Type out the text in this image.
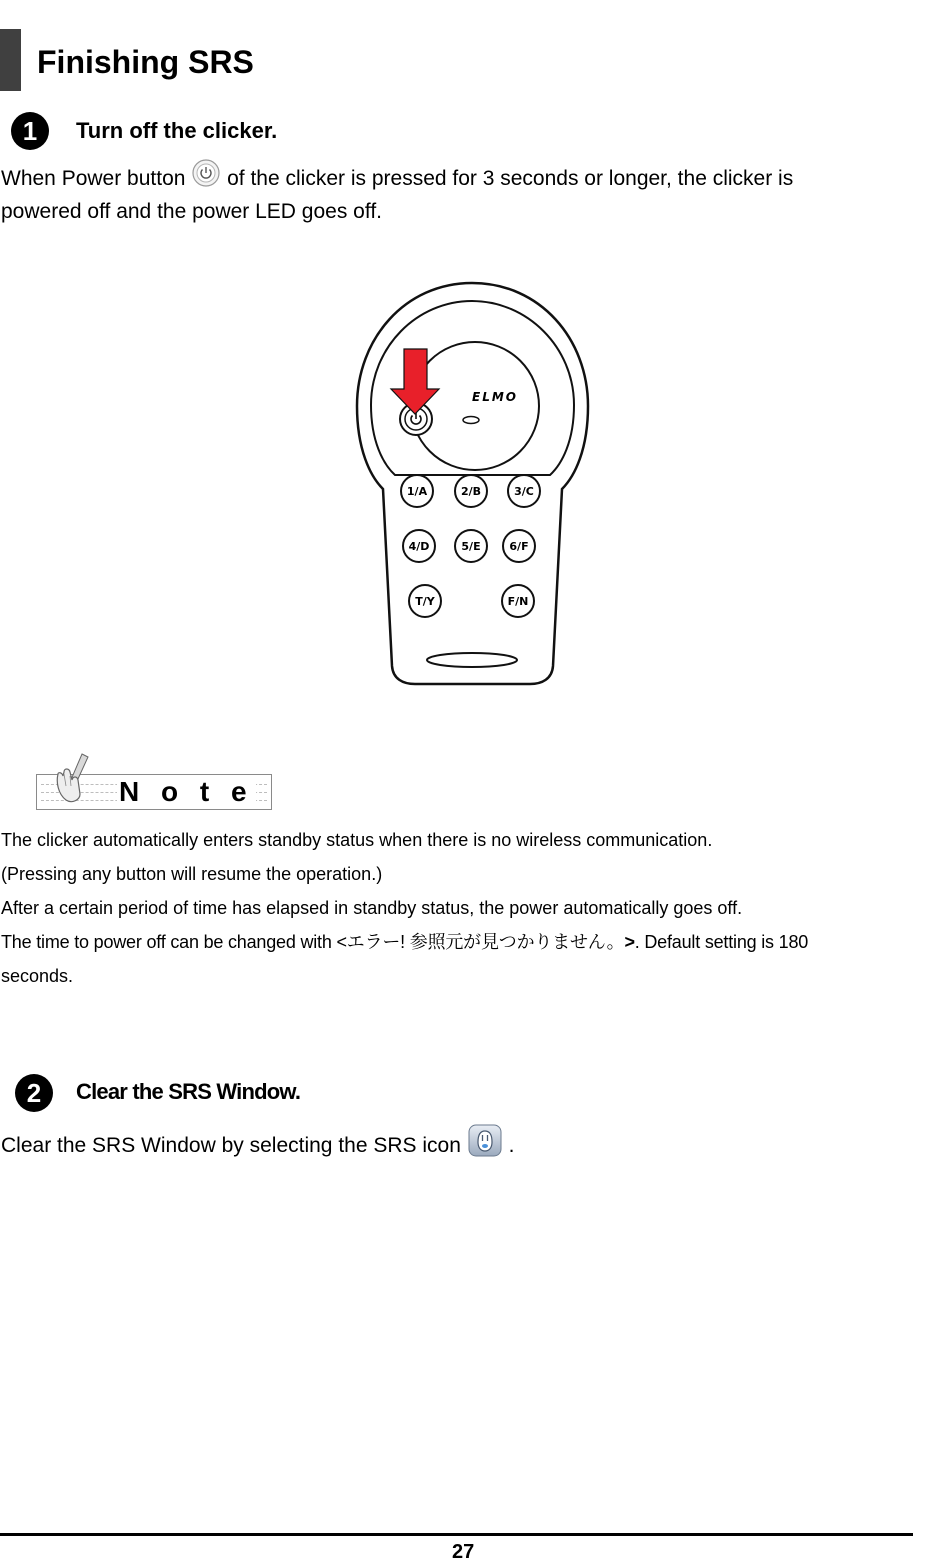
Finishing SRS
1	Turn off the clicker.
When Power button of the clicker is pressed for 3 seconds or longer, the clicker is
powered off and the power LED goes off.
ELMO
1/A	2/B	3/C
4/D	5/E	6/F
T/Y	F/N
N o t e
The clicker automatically enters standby status when there is no wireless communication.
(Pressing any button will resume the operation.)
After a certain period of time has elapsed in standby status, the power automatically goes off.
The time to power off can be changed with <エラー! 参照元が見つかりません。>. Default setting is 180
seconds.
2	Clear the SRS Window.
Clear the SRS Window by selecting the SRS icon .
27
